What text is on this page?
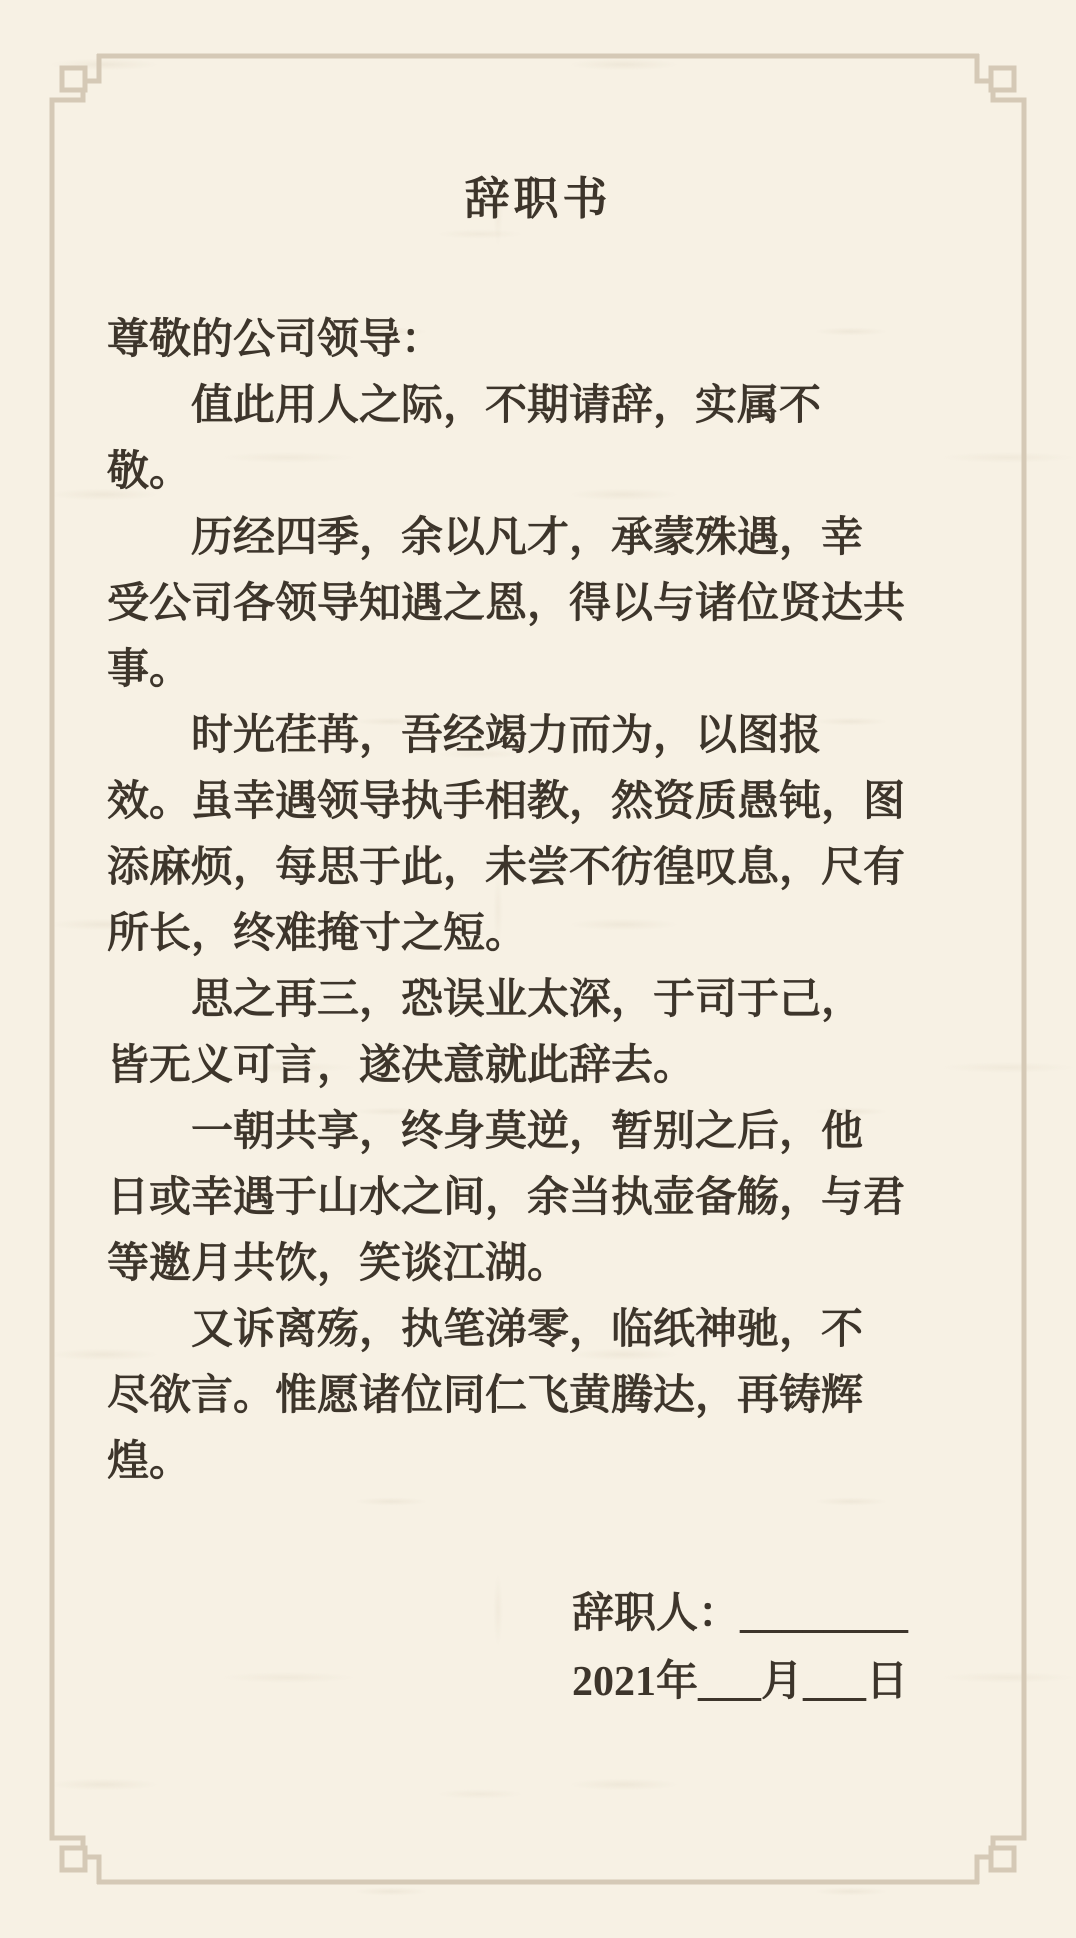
辞职书
尊敬的公司领导：
　　值此用人之际，不期请辞，实属不
敬。
　　历经四季，余以凡才，承蒙殊遇，幸
受公司各领导知遇之恩，得以与诸位贤达共
事。
　　时光荏苒，吾经竭力而为，以图报
效。虽幸遇领导执手相教，然资质愚钝，图
添麻烦，每思于此，未尝不彷徨叹息，尺有
所长，终难掩寸之短。
　　思之再三，恐误业太深，于司于己，
皆无义可言，遂决意就此辞去。
　　一朝共享，终身莫逆，暂别之后，他
日或幸遇于山水之间，余当执壶备觞，与君
等邀月共饮，笑谈江湖。
　　又诉离殇，执笔涕零，临纸神驰，不
尽欲言。惟愿诸位同仁飞黄腾达，再铸辉
煌。
辞职人：________
2021年___月___日
